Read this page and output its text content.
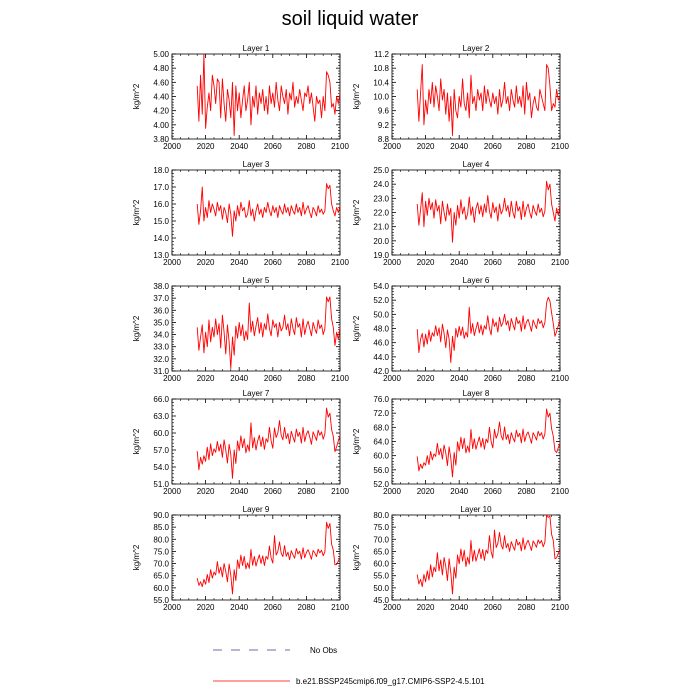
soil liquid water
Layer 1
kg/m^2
2000 2020 2040 2060 2080 2100
3.80
4.00
4.20
4.40
4.60
4.80
5.00
Layer 2
kg/m^2
2000 2020 2040 2060 2080 2100
8.8
9.2
9.6
10.0
10.4
10.8
11.2
Layer 3
kg/m^2
2000 2020 2040 2060 2080 2100
13.0
14.0
15.0
16.0
17.0
18.0
Layer 4
kg/m^2
2000 2020 2040 2060 2080 2100
19.0
20.0
21.0
22.0
23.0
24.0
25.0
Layer 5
kg/m^2
2000 2020 2040 2060 2080 2100
31.0
32.0
33.0
34.0
35.0
36.0
37.0
38.0
Layer 6
kg/m^2
2000 2020 2040 2060 2080 2100
42.0
44.0
46.0
48.0
50.0
52.0
54.0
Layer 7
kg/m^2
2000 2020 2040 2060 2080 2100
51.0
54.0
57.0
60.0
63.0
66.0
Layer 8
kg/m^2
2000 2020 2040 2060 2080 2100
52.0
56.0
60.0
64.0
68.0
72.0
76.0
Layer 9
kg/m^2
2000 2020 2040 2060 2080 2100
55.0
60.0
65.0
70.0
75.0
80.0
85.0
90.0
Layer 10
kg/m^2
2000 2020 2040 2060 2080 2100
45.0
50.0
55.0
60.0
65.0
70.0
75.0
80.0
No Obs
b.e21.BSSP245cmip6.f09_g17.CMIP6-SSP2-4.5.101
